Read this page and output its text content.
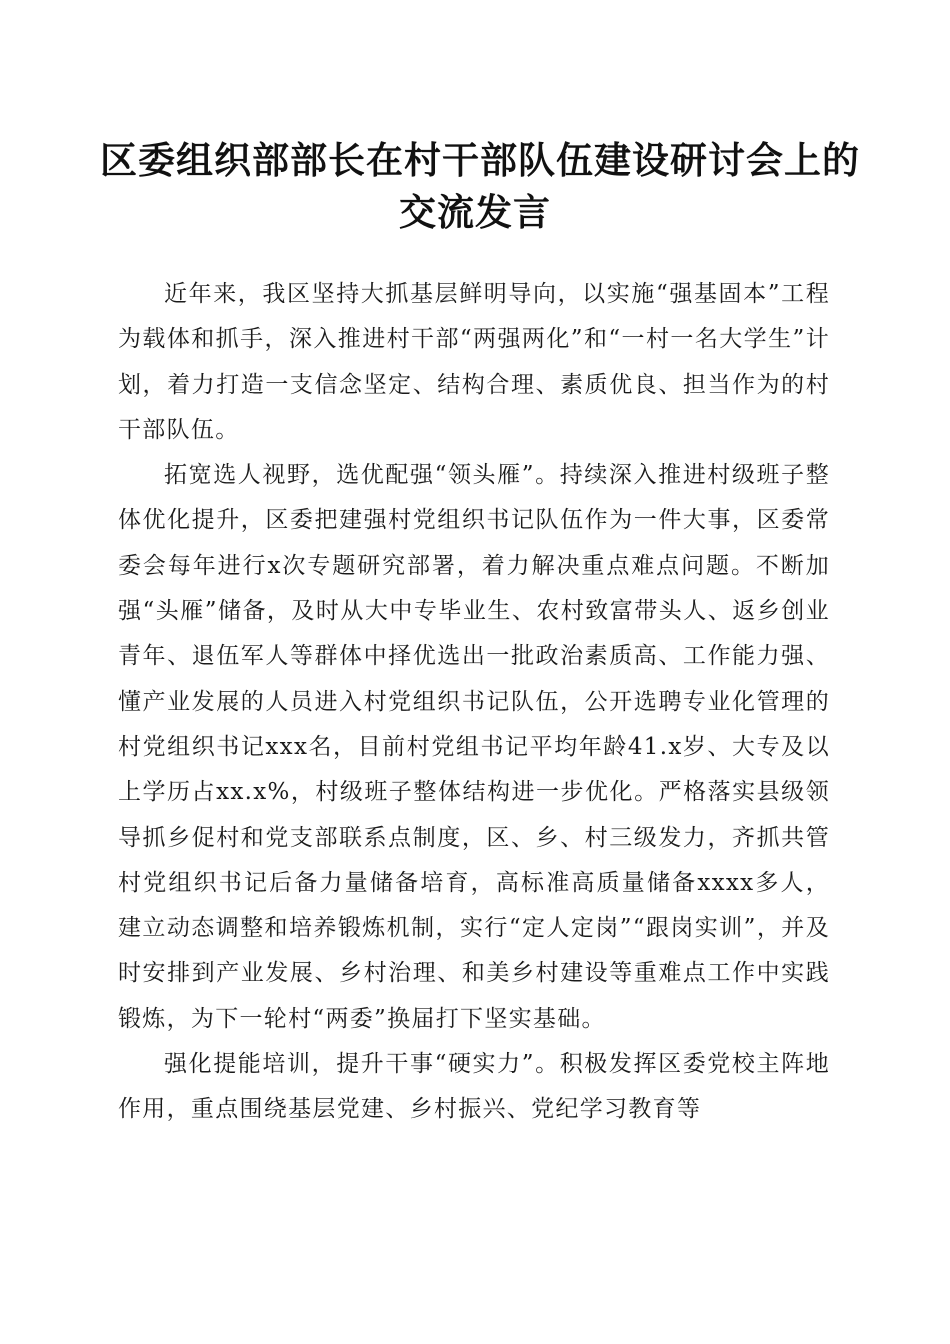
区委组织部部长在村干部队伍建设研讨会上的
交流发言

近年来，我区坚持大抓基层鲜明导向，以实施“强基固本”工程为载体和抓手，深入推进村干部“两强两化”和“一村一名大学生”计划，着力打造一支信念坚定、结构合理、素质优良、担当作为的村干部队伍。

拓宽选人视野，选优配强“领头雁”。持续深入推进村级班子整体优化提升，区委把建强村党组织书记队伍作为一件大事，区委常委会每年进行x次专题研究部署，着力解决重点难点问题。不断加强“头雁”储备，及时从大中专毕业生、农村致富带头人、返乡创业青年、退伍军人等群体中择优选出一批政治素质高、工作能力强、懂产业发展的人员进入村党组织书记队伍，公开选聘专业化管理的村党组织书记xxx名，目前村党组书记平均年龄41.x岁、大专及以上学历占xx.x%，村级班子整体结构进一步优化。严格落实县级领导抓乡促村和党支部联系点制度，区、乡、村三级发力，齐抓共管村党组织书记后备力量储备培育，高标准高质量储备xxxx多人，建立动态调整和培养锻炼机制，实行“定人定岗”“跟岗实训”，并及时安排到产业发展、乡村治理、和美乡村建设等重难点工作中实践锻炼，为下一轮村“两委”换届打下坚实基础。

强化提能培训，提升干事“硬实力”。积极发挥区委党校主阵地作用，重点围绕基层党建、乡村振兴、党纪学习教育等
